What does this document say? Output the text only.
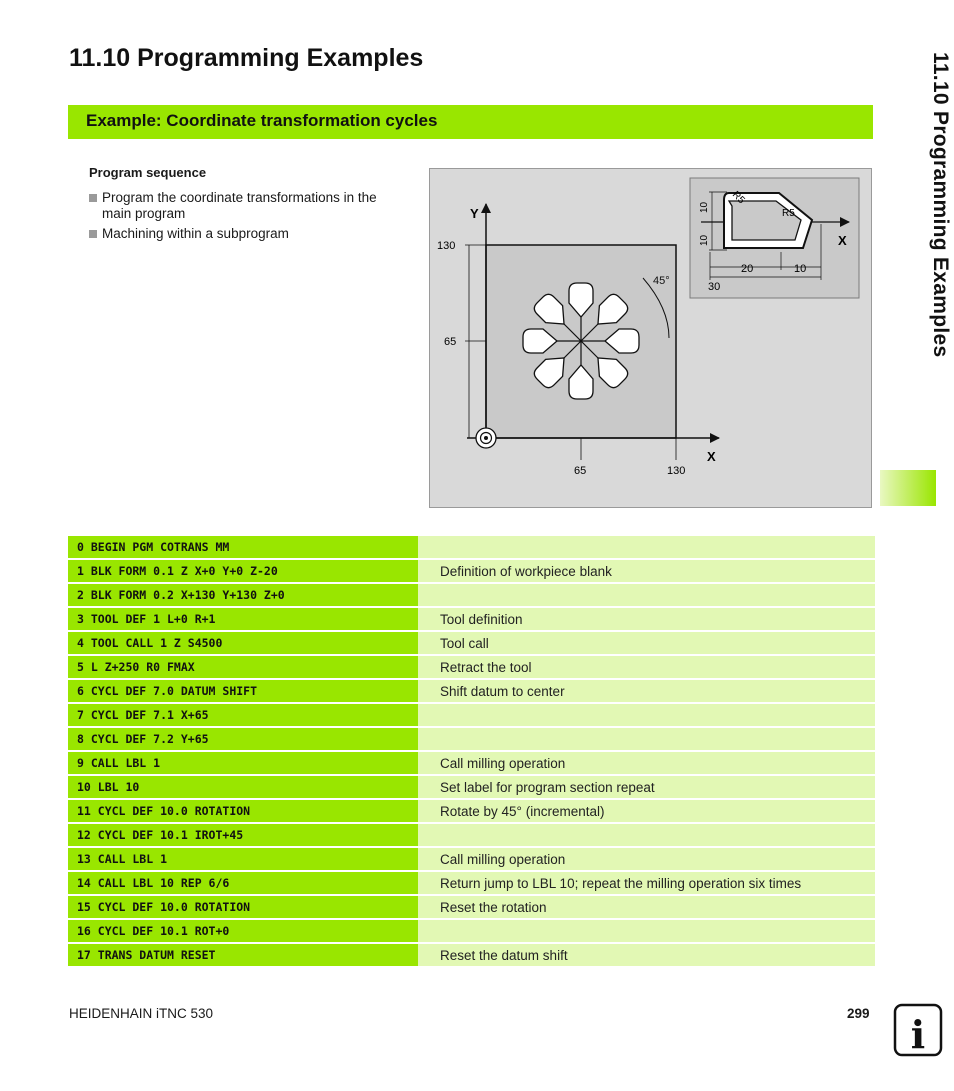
11.10 Programming Examples
Example: Coordinate transformation cycles	11.10 Programming Examples
Program sequence
Program the coordinate transformations in the main program
Machining within a subprogram
45°
Y
X
130
65
65	130
X
10
10
R5
R5
20	10
30
0 BEGIN PGM COTRANS MM		
1 BLK FORM 0.1 Z X+0 Y+0 Z-20		Definition of workpiece blank
2 BLK FORM 0.2 X+130 Y+130 Z+0		
3 TOOL DEF 1 L+0 R+1		Tool definition
4 TOOL CALL 1 Z S4500		Tool call
5 L Z+250 R0 FMAX		Retract the tool
6 CYCL DEF 7.0 DATUM SHIFT		Shift datum to center
7 CYCL DEF 7.1 X+65		
8 CYCL DEF 7.2 Y+65		
9 CALL LBL 1		Call milling operation
10 LBL 10		Set label for program section repeat
11 CYCL DEF 10.0 ROTATION		Rotate by 45° (incremental)
12 CYCL DEF 10.1 IROT+45		
13 CALL LBL 1		Call milling operation
14 CALL LBL 10 REP 6/6		Return jump to LBL 10; repeat the milling operation six times
15 CYCL DEF 10.0 ROTATION		Reset the rotation
16 CYCL DEF 10.1 ROT+0		
17 TRANS DATUM RESET		Reset the datum shift
HEIDENHAIN iTNC 530	299 i
